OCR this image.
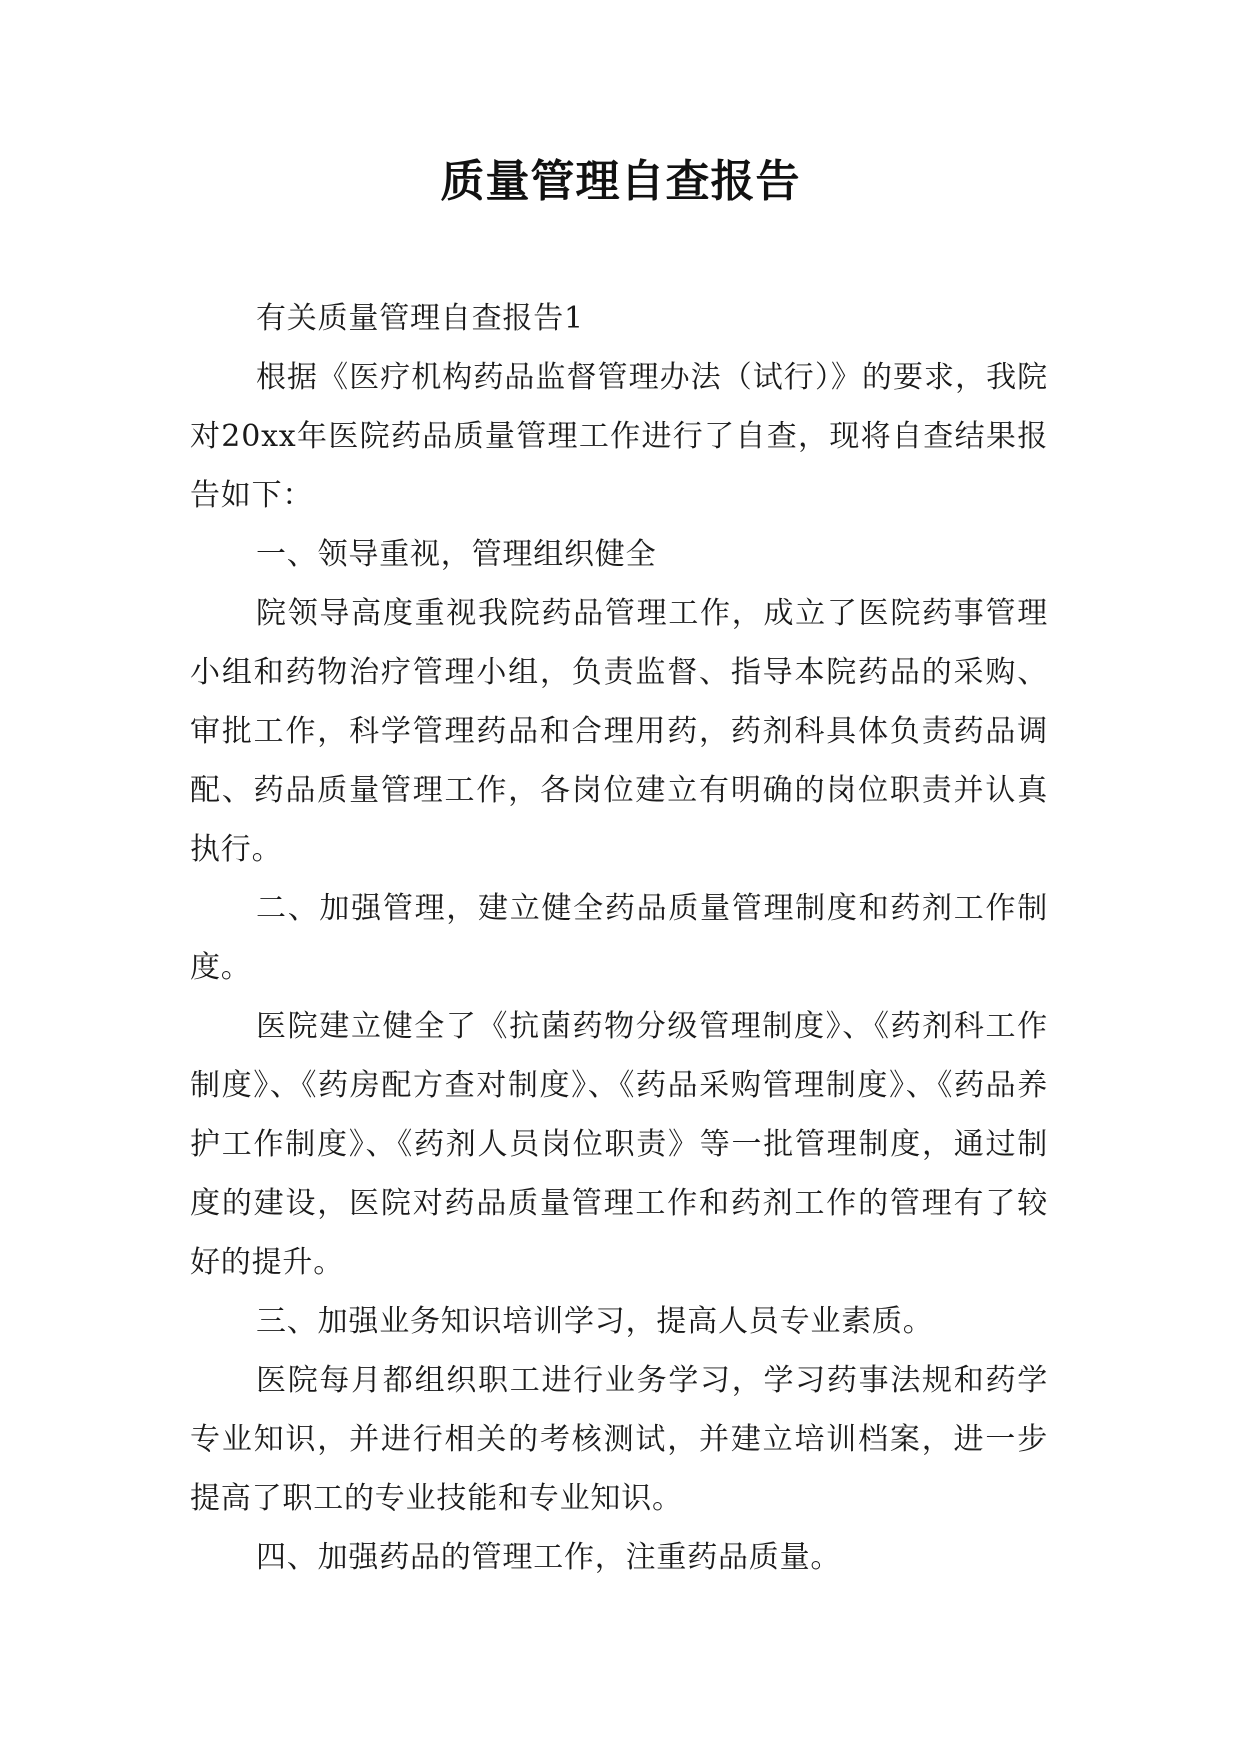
质量管理自查报告

有关质量管理自查报告1

根据《医疗机构药品监督管理办法（试行）》的要求，我院对20xx年医院药品质量管理工作进行了自查，现将自查结果报告如下：

一、领导重视，管理组织健全

院领导高度重视我院药品管理工作，成立了医院药事管理小组和药物治疗管理小组，负责监督、指导本院药品的采购、审批工作，科学管理药品和合理用药，药剂科具体负责药品调配、药品质量管理工作，各岗位建立有明确的岗位职责并认真执行。

二、加强管理，建立健全药品质量管理制度和药剂工作制度。

医院建立健全了《抗菌药物分级管理制度》、《药剂科工作制度》、《药房配方查对制度》、《药品采购管理制度》、《药品养护工作制度》、《药剂人员岗位职责》等一批管理制度，通过制度的建设，医院对药品质量管理工作和药剂工作的管理有了较好的提升。

三、加强业务知识培训学习，提高人员专业素质。

医院每月都组织职工进行业务学习，学习药事法规和药学专业知识，并进行相关的考核测试，并建立培训档案，进一步提高了职工的专业技能和专业知识。

四、加强药品的管理工作，注重药品质量。
